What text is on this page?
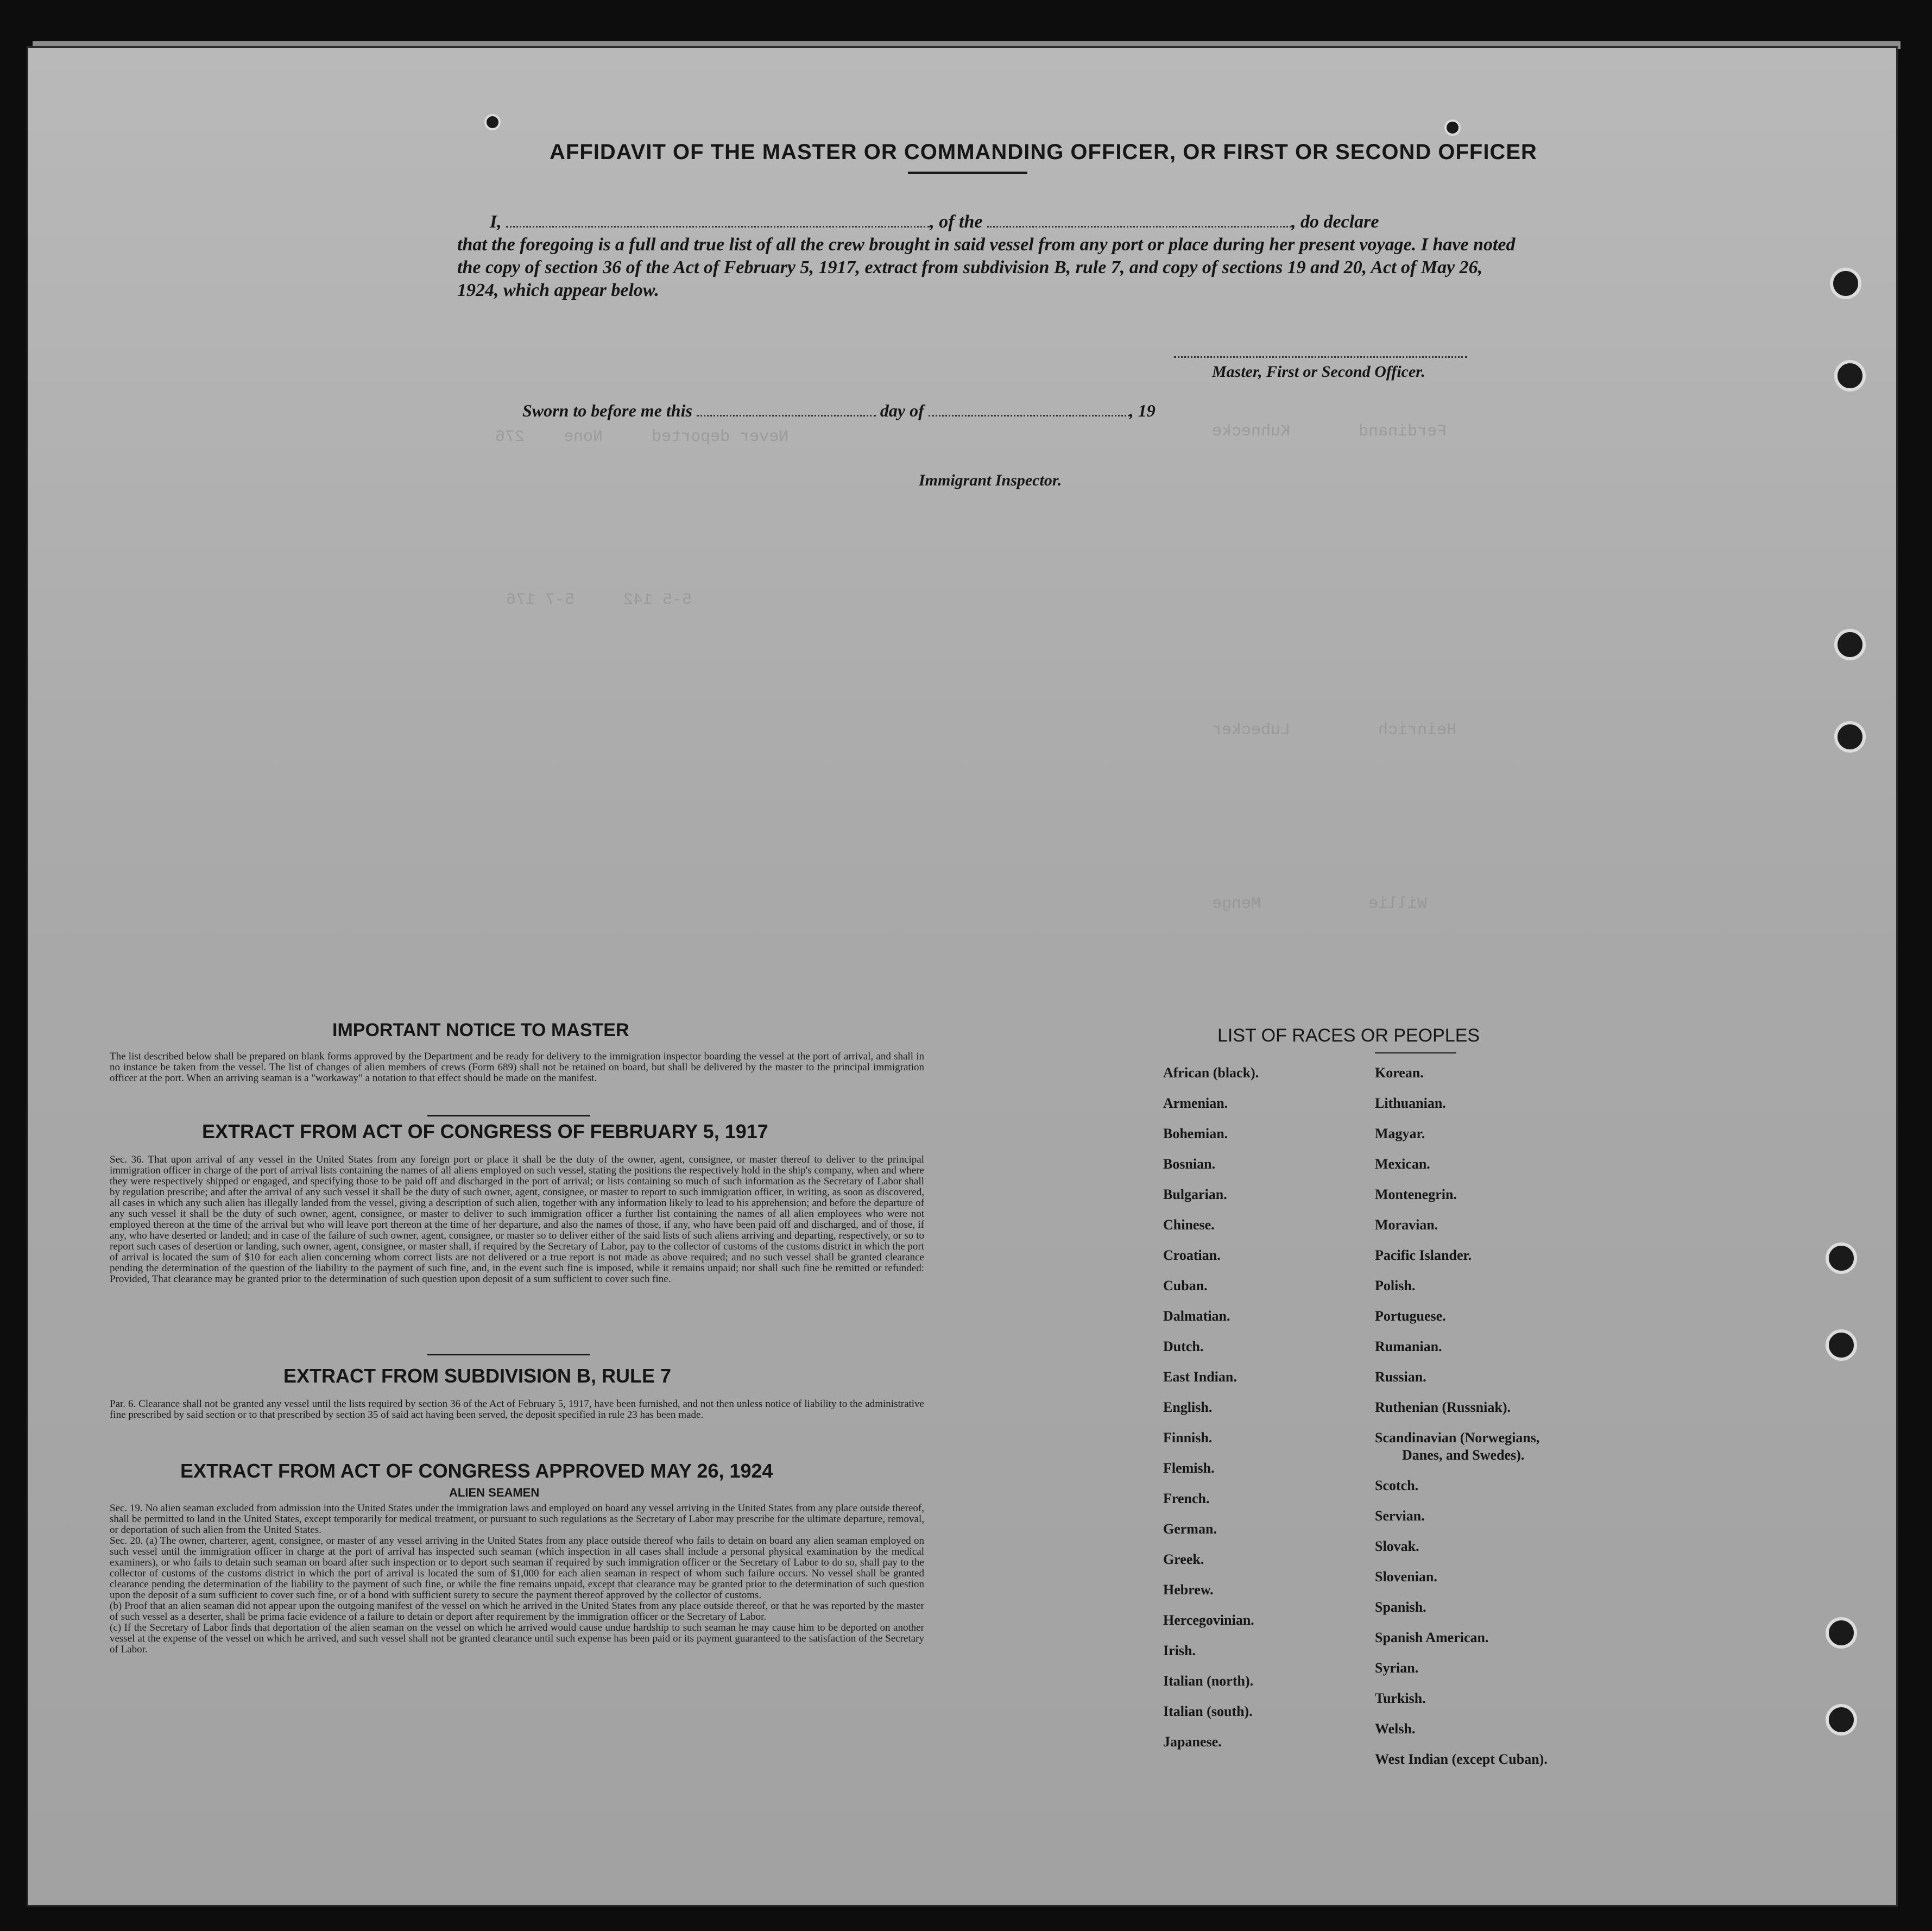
Ferdinand       Kuhnecke
Heinrich         Lubecker
Willie           Menge
Never deported     None    276
5-5 142     5-7 176
AFFIDAVIT OF THE MASTER OR COMMANDING OFFICER, OR FIRST OR SECOND OFFICER

I,	, of the	, do declare

that the foregoing is a full and true list of all the crew brought in said vessel from any port or place during her present voyage. I have noted the copy of section 36 of the Act of February 5, 1917, extract from subdivision B, rule 7, and copy of sections 19 and 20, Act of May 26, 1924, which appear below.

Master, First or Second Officer.
Sworn to before me this	day of	, 19
Immigrant Inspector.
IMPORTANT NOTICE TO MASTER
The list described below shall be prepared on blank forms approved by the Department and be ready for delivery to the immigration inspector boarding the vessel at the port of arrival, and shall in no instance be taken from the vessel. The list of changes of alien members of crews (Form 689) shall not be retained on board, but shall be delivered by the master to the principal immigration officer at the port. When an arriving seaman is a "workaway" a notation to that effect should be made on the manifest.
EXTRACT FROM ACT OF CONGRESS OF FEBRUARY 5, 1917
Sec. 36. That upon arrival of any vessel in the United States from any foreign port or place it shall be the duty of the owner, agent, consignee, or master thereof to deliver to the principal immigration officer in charge of the port of arrival lists containing the names of all aliens employed on such vessel, stating the positions the respectively hold in the ship's company, when and where they were respectively shipped or engaged, and specifying those to be paid off and discharged in the port of arrival; or lists containing so much of such information as the Secretary of Labor shall by regulation prescribe; and after the arrival of any such vessel it shall be the duty of such owner, agent, consignee, or master to report to such immigration officer, in writing, as soon as discovered, all cases in which any such alien has illegally landed from the vessel, giving a description of such alien, together with any information likely to lead to his apprehension; and before the departure of any such vessel it shall be the duty of such owner, agent, consignee, or master to deliver to such immigration officer a further list containing the names of all alien employees who were not employed thereon at the time of the arrival but who will leave port thereon at the time of her departure, and also the names of those, if any, who have been paid off and discharged, and of those, if any, who have deserted or landed; and in case of the failure of such owner, agent, consignee, or master so to deliver either of the said lists of such aliens arriving and departing, respectively, or so to report such cases of desertion or landing, such owner, agent, consignee, or master shall, if required by the Secretary of Labor, pay to the collector of customs of the customs district in which the port of arrival is located the sum of $10 for each alien concerning whom correct lists are not delivered or a true report is not made as above required; and no such vessel shall be granted clearance pending the determination of the question of the liability to the payment of such fine, and, in the event such fine is imposed, while it remains unpaid; nor shall such fine be remitted or refunded: Provided, That clearance may be granted prior to the determination of such question upon deposit of a sum sufficient to cover such fine.
EXTRACT FROM SUBDIVISION B, RULE 7
Par. 6. Clearance shall not be granted any vessel until the lists required by section 36 of the Act of February 5, 1917, have been furnished, and not then unless notice of liability to the administrative fine prescribed by said section or to that prescribed by section 35 of said act having been served, the deposit specified in rule 23 has been made.
EXTRACT FROM ACT OF CONGRESS APPROVED MAY 26, 1924
ALIEN SEAMEN
Sec. 19. No alien seaman excluded from admission into the United States under the immigration laws and employed on board any vessel arriving in the United States from any place outside thereof, shall be permitted to land in the United States, except temporarily for medical treatment, or pursuant to such regulations as the Secretary of Labor may prescribe for the ultimate departure, removal, or deportation of such alien from the United States.
Sec. 20. (a) The owner, charterer, agent, consignee, or master of any vessel arriving in the United States from any place outside thereof who fails to detain on board any alien seaman employed on such vessel until the immigration officer in charge at the port of arrival has inspected such seaman (which inspection in all cases shall include a personal physical examination by the medical examiners), or who fails to detain such seaman on board after such inspection or to deport such seaman if required by such immigration officer or the Secretary of Labor to do so, shall pay to the collector of customs of the customs district in which the port of arrival is located the sum of $1,000 for each alien seaman in respect of whom such failure occurs. No vessel shall be granted clearance pending the determination of the liability to the payment of such fine, or while the fine remains unpaid, except that clearance may be granted prior to the determination of such question upon the deposit of a sum sufficient to cover such fine, or of a bond with sufficient surety to secure the payment thereof approved by the collector of customs.
(b) Proof that an alien seaman did not appear upon the outgoing manifest of the vessel on which he arrived in the United States from any place outside thereof, or that he was reported by the master of such vessel as a deserter, shall be prima facie evidence of a failure to detain or deport after requirement by the immigration officer or the Secretary of Labor.
(c) If the Secretary of Labor finds that deportation of the alien seaman on the vessel on which he arrived would cause undue hardship to such seaman he may cause him to be deported on another vessel at the expense of the vessel on which he arrived, and such vessel shall not be granted clearance until such expense has been paid or its payment guaranteed to the satisfaction of the Secretary of Labor.
LIST OF RACES OR PEOPLES
African (black).
Armenian.
Bohemian.
Bosnian.
Bulgarian.
Chinese.
Croatian.
Cuban.
Dalmatian.
Dutch.
East Indian.
English.
Finnish.
Flemish.
French.
German.
Greek.
Hebrew.
Hercegovinian.
Irish.
Italian (north).
Italian (south).
Japanese.
Korean.
Lithuanian.
Magyar.
Mexican.
Montenegrin.
Moravian.
Pacific Islander.
Polish.
Portuguese.
Rumanian.
Russian.
Ruthenian (Russniak).
Scandinavian (Norwegians,
Danes, and Swedes).
Scotch.
Servian.
Slovak.
Slovenian.
Spanish.
Spanish American.
Syrian.
Turkish.
Welsh.
West Indian (except Cuban).
